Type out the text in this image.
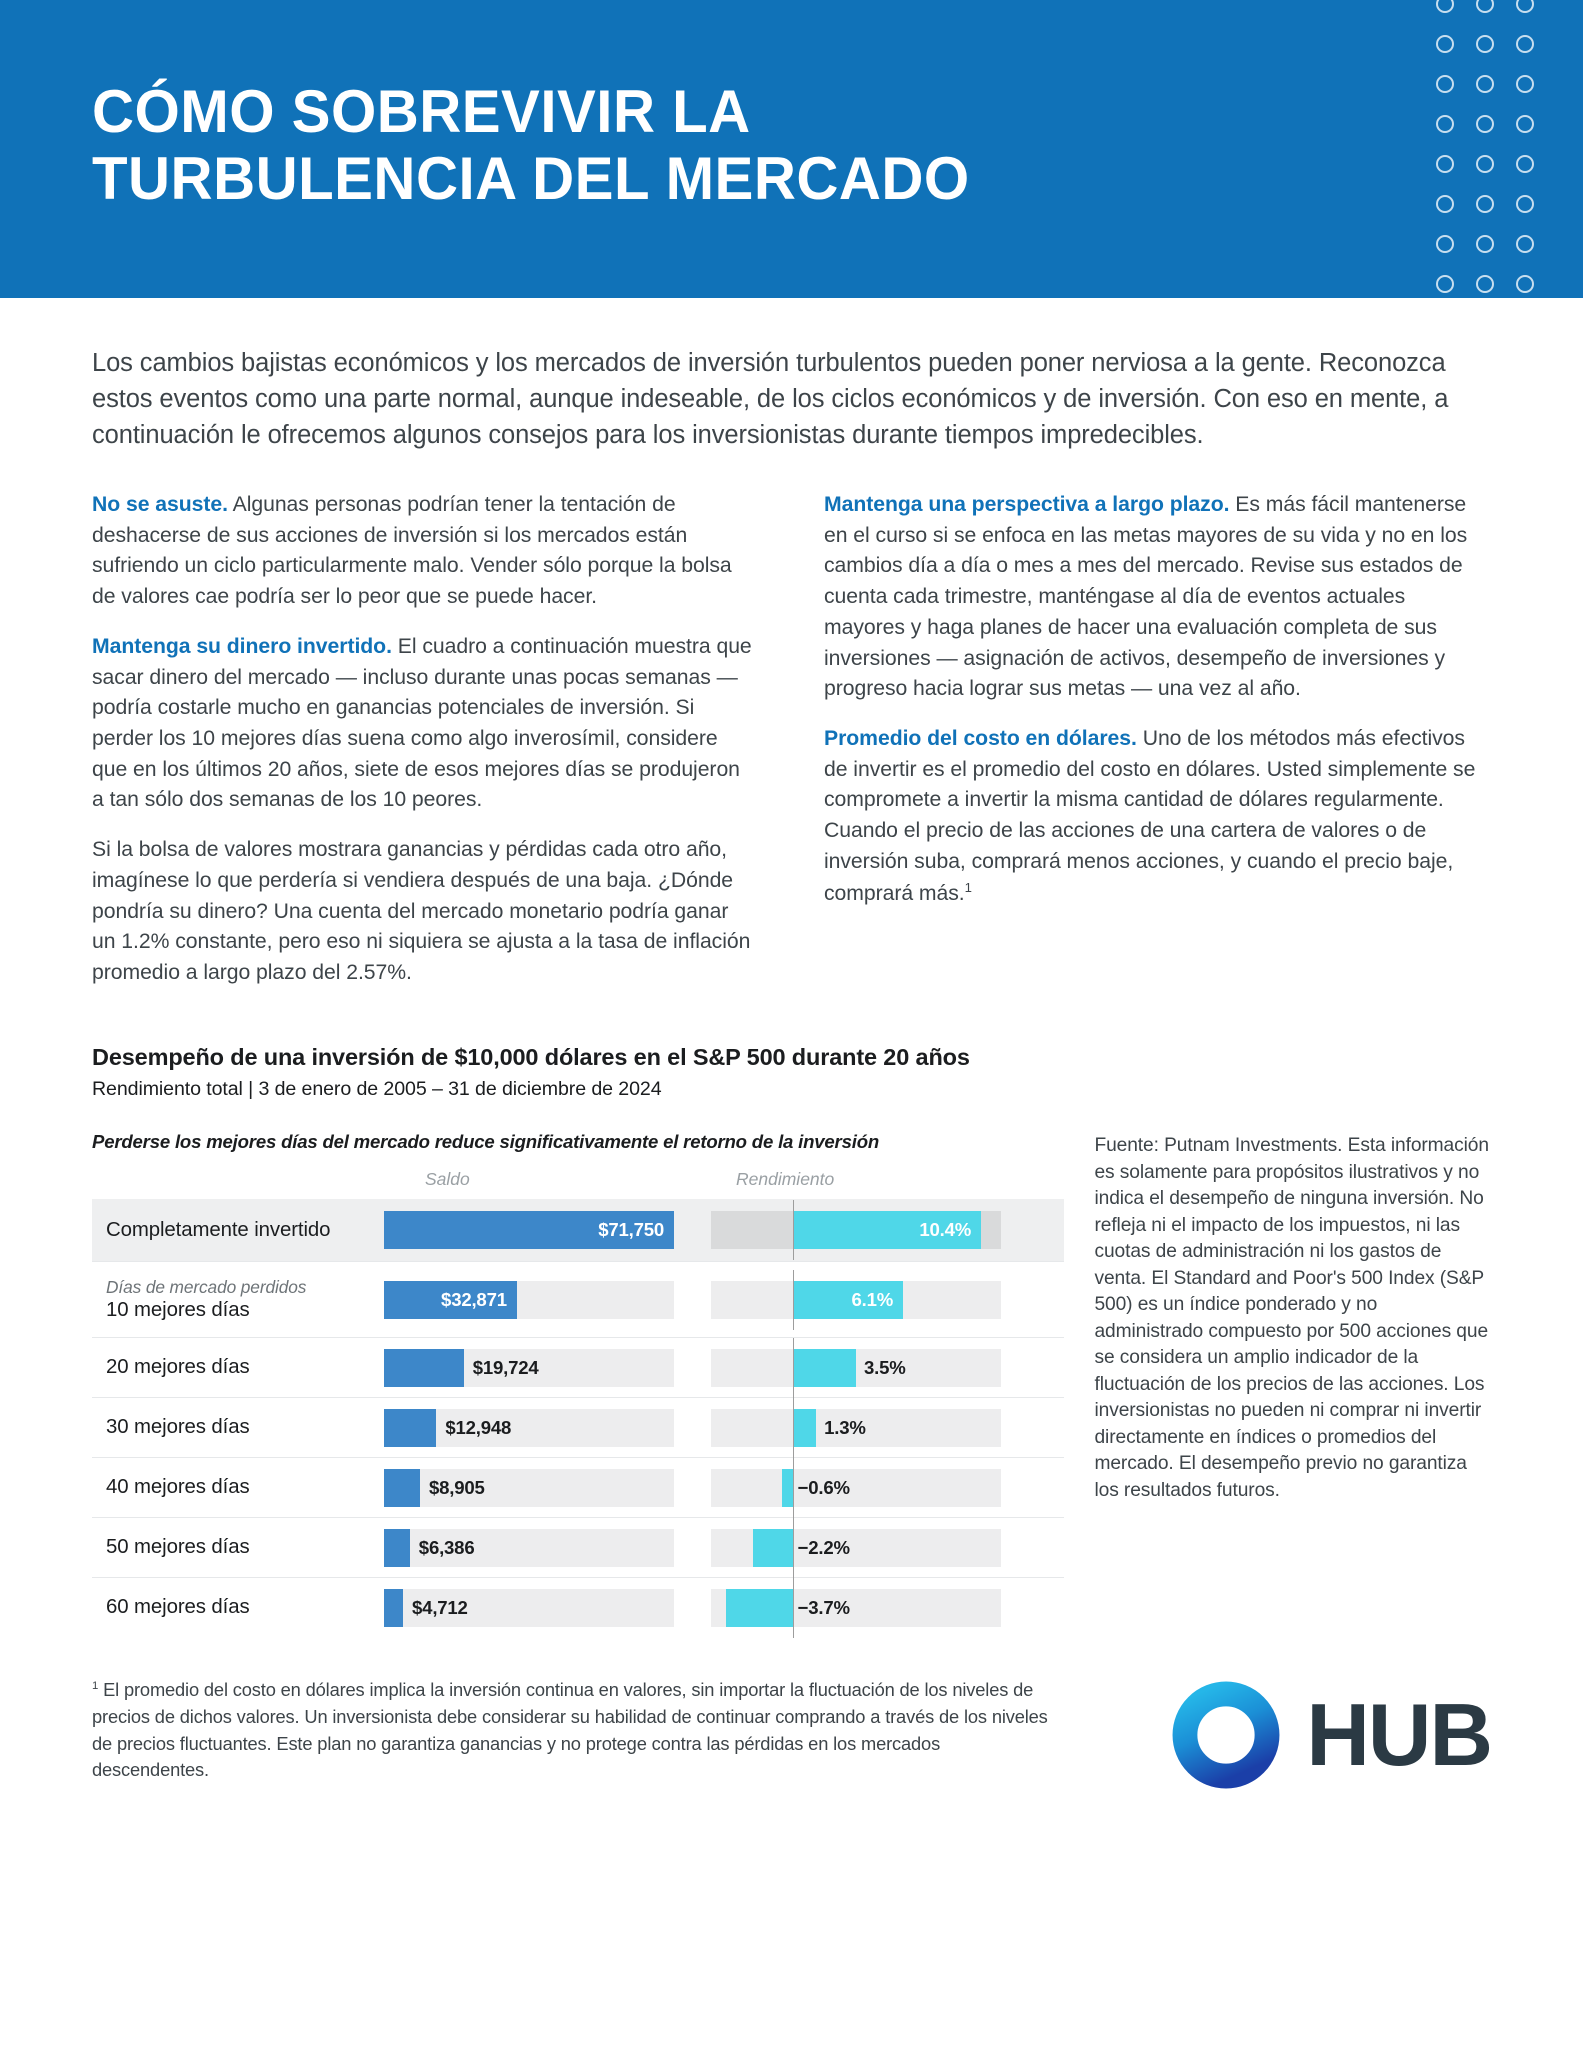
CÓMO SOBREVIVIR LA
TURBULENCIA DEL MERCADO

Los cambios bajistas económicos y los mercados de inversión turbulentos pueden poner nerviosa a la gente. Reconozca estos eventos como una parte normal, aunque indeseable, de los ciclos económicos y de inversión. Con eso en mente, a continuación le ofrecemos algunos consejos para los inversionistas durante tiempos impredecibles.

No se asuste. Algunas personas podrían tener la tentación de deshacerse de sus acciones de inversión si los mercados están sufriendo un ciclo particularmente malo. Vender sólo porque la bolsa de valores cae podría ser lo peor que se puede hacer.

Mantenga su dinero invertido. El cuadro a continuación muestra que sacar dinero del mercado — incluso durante unas pocas semanas — podría costarle mucho en ganancias potenciales de inversión. Si perder los 10 mejores días suena como algo inverosímil, considere que en los últimos 20 años, siete de esos mejores días se produjeron a tan sólo dos semanas de los 10 peores.

Si la bolsa de valores mostrara ganancias y pérdidas cada otro año, imagínese lo que perdería si vendiera después de una baja. ¿Dónde pondría su dinero? Una cuenta del mercado monetario podría ganar un 1.2% constante, pero eso ni siquiera se ajusta a la tasa de inflación promedio a largo plazo del 2.57%.

Mantenga una perspectiva a largo plazo. Es más fácil mantenerse en el curso si se enfoca en las metas mayores de su vida y no en los cambios día a día o mes a mes del mercado. Revise sus estados de cuenta cada trimestre, manténgase al día de eventos actuales mayores y haga planes de hacer una evaluación completa de sus inversiones — asignación de activos, desempeño de inversiones y progreso hacia lograr sus metas — una vez al año.

Promedio del costo en dólares. Uno de los métodos más efectivos de invertir es el promedio del costo en dólares. Usted simplemente se compromete a invertir la misma cantidad de dólares regularmente. Cuando el precio de las acciones de una cartera de valores o de inversión suba, comprará menos acciones, y cuando el precio baje, comprará más.$^1$

Desempeño de una inversión de $10,000 dólares en el S&P 500 durante 20 años
Rendimiento total | 3 de enero de 2005 – 31 de diciembre de 2024
Perderse los mejores días del mercado reduce significativamente el retorno de la inversión
Saldo	Rendimiento
Completamente invertido	$71,750	10.4%
Días de mercado perdidos
10 mejores días	$32,871	6.1%
20 mejores días	$19,724	3.5%
30 mejores días	$12,948	1.3%
40 mejores días	$8,905	−0.6%
50 mejores días	$6,386	−2.2%
60 mejores días	$4,712	−3.7%
Fuente: Putnam Investments. Esta información es solamente para propósitos ilustrativos y no indica el desempeño de ninguna inversión. No refleja ni el impacto de los impuestos, ni las cuotas de administración ni los gastos de venta. El Standard and Poor's 500 Index (S&P 500) es un índice ponderado y no administrado compuesto por 500 acciones que se considera un amplio indicador de la fluctuación de los precios de las acciones. Los inversionistas no pueden ni comprar ni invertir directamente en índices o promedios del mercado. El desempeño previo no garantiza los resultados futuros.
$^1$ El promedio del costo en dólares implica la inversión continua en valores, sin importar la fluctuación de los niveles de precios de dichos valores. Un inversionista debe considerar su habilidad de continuar comprando a través de los niveles de precios fluctuantes. Este plan no garantiza ganancias y no protege contra las pérdidas en los mercados descendentes.	HUB
